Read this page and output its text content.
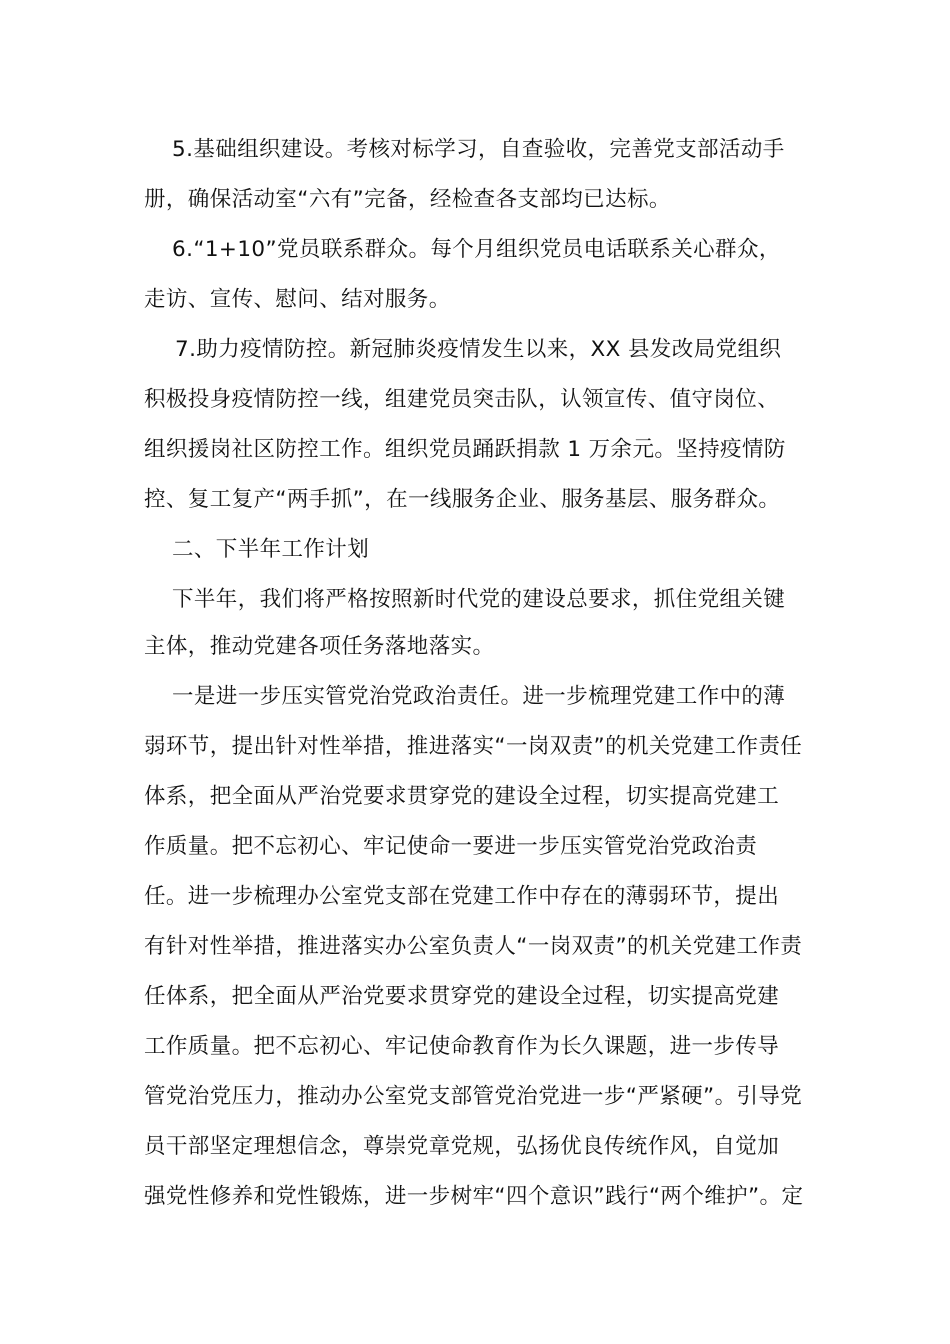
5.基础组织建设。考核对标学习，自查验收，完善党支部活动手
册，确保活动室“六有”完备，经检查各支部均已达标。
6.“1+10”党员联系群众。每个月组织党员电话联系关心群众，
走访、宣传、慰问、结对服务。
7.助力疫情防控。新冠肺炎疫情发生以来，XX 县发改局党组织
积极投身疫情防控一线，组建党员突击队，认领宣传、值守岗位、
组织援岗社区防控工作。组织党员踊跃捐款 1 万余元。坚持疫情防
控、复工复产“两手抓”，在一线服务企业、服务基层、服务群众。
二、下半年工作计划
下半年，我们将严格按照新时代党的建设总要求，抓住党组关键
主体，推动党建各项任务落地落实。
一是进一步压实管党治党政治责任。进一步梳理党建工作中的薄
弱环节，提出针对性举措，推进落实“一岗双责”的机关党建工作责任
体系，把全面从严治党要求贯穿党的建设全过程，切实提高党建工
作质量。把不忘初心、牢记使命一要进一步压实管党治党政治责
任。进一步梳理办公室党支部在党建工作中存在的薄弱环节，提出
有针对性举措，推进落实办公室负责人“一岗双责”的机关党建工作责
任体系，把全面从严治党要求贯穿党的建设全过程，切实提高党建
工作质量。把不忘初心、牢记使命教育作为长久课题，进一步传导
管党治党压力，推动办公室党支部管党治党进一步“严紧硬”。引导党
员干部坚定理想信念，尊崇党章党规，弘扬优良传统作风，自觉加
强党性修养和党性锻炼，进一步树牢“四个意识”践行“两个维护”。定
